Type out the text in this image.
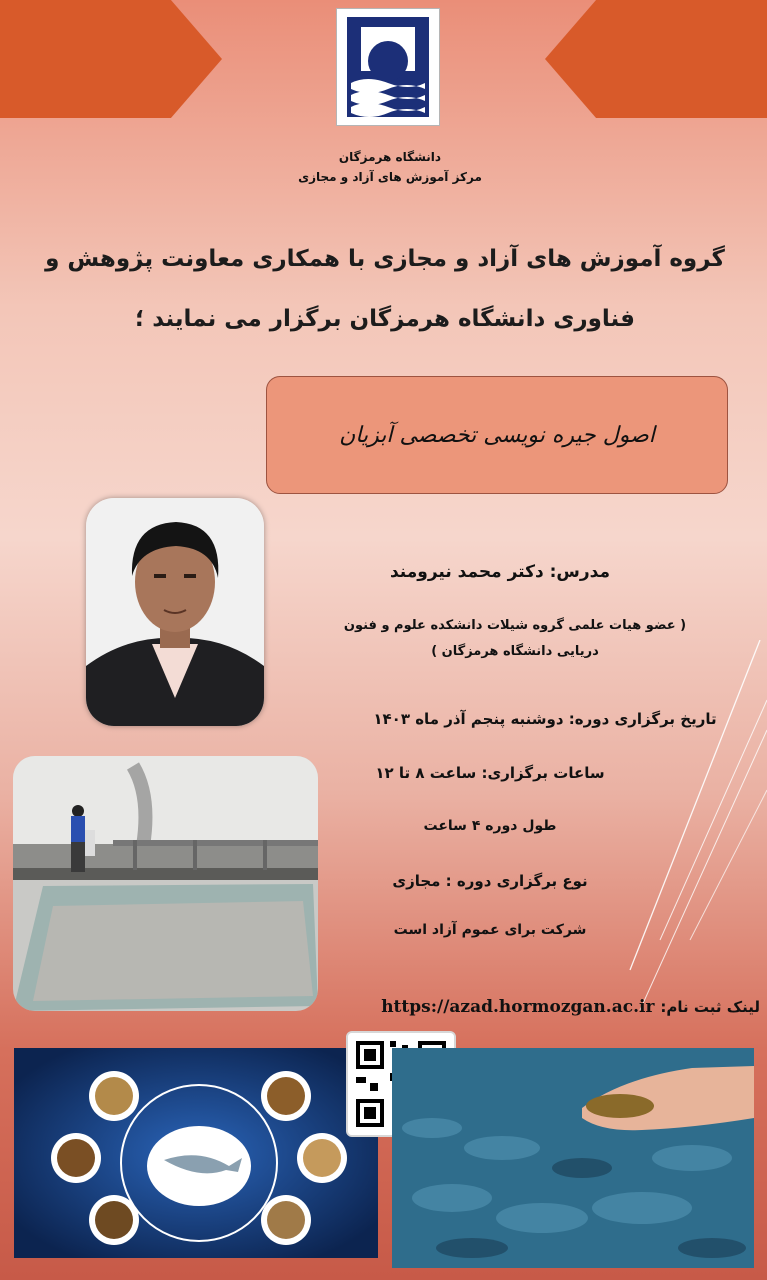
دانشگاه هرمزگان
مرکز آموزش های آزاد و مجازی
گروه آموزش های آزاد و مجازی با همکاری معاونت پژوهش و
فناوری دانشگاه هرمزگان برگزار می نمایند ؛
اصول جیره نویسی تخصصی آبزیان
مدرس: دکتر محمد نیرومند
( عضو هیات علمی گروه شیلات دانشکده علوم و فنون
دریایی دانشگاه هرمزگان )
تاریخ برگزاری دوره: دوشنبه پنجم آذر ماه ۱۴۰۳
ساعات برگزاری: ساعت ۸ تا ۱۲
طول دوره ۴ ساعت
نوع برگزاری دوره : مجازی
شرکت برای عموم آزاد است
لینک ثبت نام:
https://azad.hormozgan.ac.ir
